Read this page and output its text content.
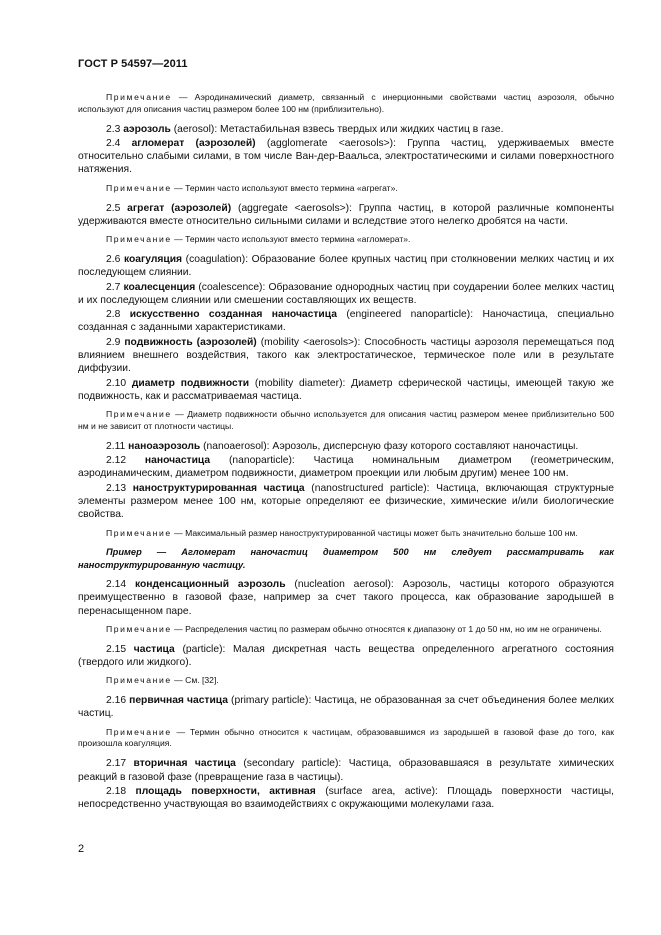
ГОСТ Р 54597—2011
Примечание — Аэродинамический диаметр, связанный с инерционными свойствами частиц аэрозоля, обычно используют для описания частиц размером более 100 нм (приблизительно).
2.3 аэрозоль (aerosol): Метастабильная взвесь твердых или жидких частиц в газе.
2.4 агломерат (аэрозолей) (agglomerate <aerosols>): Группа частиц, удерживаемых вместе относительно слабыми силами, в том числе Ван-дер-Ваальса, электростатическими и силами поверхностного натяжения.
Примечание — Термин часто используют вместо термина «агрегат».
2.5 агрегат (аэрозолей) (aggregate <aerosols>): Группа частиц, в которой различные компоненты удерживаются вместе относительно сильными силами и вследствие этого нелегко дробятся на части.
Примечание — Термин часто используют вместо термина «агломерат».
2.6 коагуляция (coagulation): Образование более крупных частиц при столкновении мелких частиц и их последующем слиянии.
2.7 коалесценция (coalescence): Образование однородных частиц при соударении более мелких частиц и их последующем слиянии или смешении составляющих их веществ.
2.8 искусственно созданная наночастица (engineered nanoparticle): Наночастица, специально созданная с заданными характеристиками.
2.9 подвижность (аэрозолей) (mobility <aerosols>): Способность частицы аэрозоля перемещаться под влиянием внешнего воздействия, такого как электростатическое, термическое поле или в результате диффузии.
2.10 диаметр подвижности (mobility diameter): Диаметр сферической частицы, имеющей такую же подвижность, как и рассматриваемая частица.
Примечание — Диаметр подвижности обычно используется для описания частиц размером менее приблизительно 500 нм и не зависит от плотности частицы.
2.11 наноаэрозоль (nanoaerosol): Аэрозоль, дисперсную фазу которого составляют наночастицы.
2.12 наночастица (nanoparticle): Частица номинальным диаметром (геометрическим, аэродинамическим, диаметром подвижности, диаметром проекции или любым другим) менее 100 нм.
2.13 наноструктурированная частица (nanostructured particle): Частица, включающая структурные элементы размером менее 100 нм, которые определяют ее физические, химические и/или биологические свойства.
Примечание — Максимальный размер наноструктурированной частицы может быть значительно больше 100 нм.
Пример — Агломерат наночастиц диаметром 500 нм следует рассматривать как наноструктурированную частицу.
2.14 конденсационный аэрозоль (nucleation aerosol): Аэрозоль, частицы которого образуются преимущественно в газовой фазе, например за счет такого процесса, как образование зародышей в перенасыщенном паре.
Примечание — Распределения частиц по размерам обычно относятся к диапазону от 1 до 50 нм, но им не ограничены.
2.15 частица (particle): Малая дискретная часть вещества определенного агрегатного состояния (твердого или жидкого).
Примечание — См. [32].
2.16 первичная частица (primary particle): Частица, не образованная за счет объединения более мелких частиц.
Примечание — Термин обычно относится к частицам, образовавшимся из зародышей в газовой фазе до того, как произошла коагуляция.
2.17 вторичная частица (secondary particle): Частица, образовавшаяся в результате химических реакций в газовой фазе (превращение газа в частицы).
2.18 площадь поверхности, активная (surface area, active): Площадь поверхности частицы, непосредственно участвующая во взаимодействиях с окружающими молекулами газа.
2
